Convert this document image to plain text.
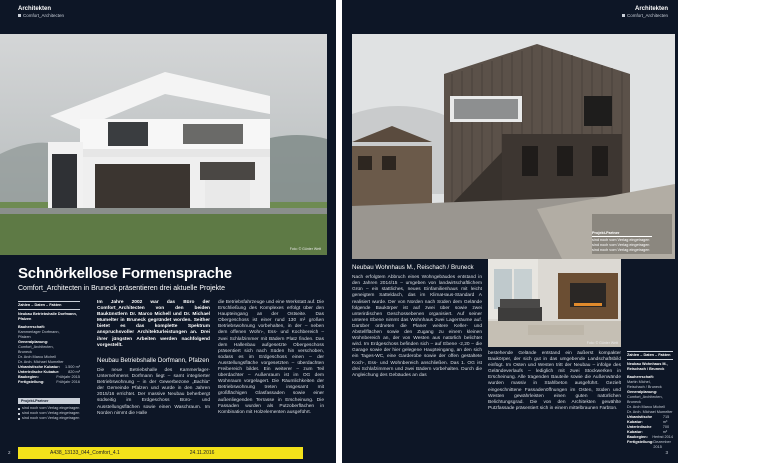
Architekten
Comfort_Architecten
Foto: © Günter Wett
Schnörkellose Formensprache
Comfort_Architecten in Bruneck präsentieren drei aktuelle Projekte
Zahlen – Daten – Fakten
Neubau Betriebshalle Dorfmann, Pfalzen
Bauherrschaft:
Kammerlager Dorfmann,
Pfalzen
Generalplanung:
Comfort_Architecten,
Bruneck
Dr. Arch Marco Michell
Dr. Arch. Michael Mumelter
Urbanistische Kubatur: 1.500 m³
Unterirdische Kubatur: 820 m³
Baubeginn:	Frühjahr 2015
Fertigstellung:	Frühjahr 2016
Projekt-Partner
sind noch vom Verlag eingetragen
sind noch vom Verlag eingetragen
sind noch vom Verlag eingetragen
Im Jahre 2002 war das Büro der Comfort_Architecten von den beiden Baukünstlern Dr. Marco Michell und Dr. Michael Mumelter in Bruneck gegründet worden. Seither bietet es das komplette Spektrum anspruchsvoller Architekturleistungen an. Drei ihrer jüngsten Arbeiten werden nachfolgend vorgestellt.
Neubau Betriebshalle Dorfmann, Pfalzen
Die neue Betriebshalle des Kammerlager-Unternehmens Dorfmann liegt – samt integrierter Betriebswohnung – in der Gewerbezone „Bachla" der Gemeinde Pfalzen und wurde in den Jahren 2015/16 errichtet. Der massive Neubau beherbergt südseitig im Erdgeschoss Büro- und Ausstellungsflächen sowie einen Waschraum. Im Norden nimmt die Halle
die Betriebsfahrzeuge und eine Werkstatt auf. Die Erschließung des Komplexes erfolgt über den Haupteingang an der Ostseite. Das Obergeschoss ist einer rund 130 m² großen Betriebswohnung vorbehalten, in der – neben dem offenen Wohn-, Ess- und Kochbereich – zwei Schlafzimmer mit Bädern Platz finden. Das dem Hallenbau aufgesetzte Obergeschoss präsentiert sich nach Süden hin verschoben, sodass es im Erdgeschoss einen – der Ausstellungsfläche vorgesetzten – überdachten Freibereich bildet. Ein weiterer – zum Teil überdachter – Außenraum ist im OG dem Wohnraum vorgelagert. Die Räumlichkeiten der Betriebswohnung treten insgesamt mit großflächigen Glasfassaden sowie einer außenliegenden Terrasse in Erscheinung. Die Fassaden wurden als Putzoberflächen in Kombination mit Holzelementen ausgeführt.
2	A438_13133_044_Comfort_4.1	24.11.2016
Architekten
Comfort_Architecten
Projekt-Partner
sind noch vom Verlag eingetragen
sind noch vom Verlag eingetragen
sind noch vom Verlag eingetragen
Neubau Wohnhaus M., Reischach / Bruneck
Nach erfolgtem Abbruch eines Wohngebäudes entstand in den Jahren 2014/15 – umgeben von landwirtschaftlichem Grün – ein stattliches, neues Einfamilienhaus mit leicht geneigtem Satteldach, das im KlimaHaus-Standard A realisiert wurde. Der von Norden nach Süden dem Gelände folgende Baukörper ist auf zwei über sowie zwei unterirdischen Geschossebenen organisiert. Auf seiner unteren Ebene nimmt das Wohnhaus zwei Lagerräume auf. Darüber ordneten die Planer weitere Keller- und Abstellflächen sowie den Zugang zu einem kleinen Wohnbereich an, der von Westen aus natürlich belichtet wird. Im Erdgeschoss befinden sich – auf Ebene -2,20 – die Garage sowie der hier gelegene Haupteingang, an den sich ein Tages-WC, eine Garderobe sowie der offen gestaltete Koch-, Ess- und Wohnbereich anschließen. Das 1. OG ist drei Schlafzimmern und zwei Bädern vorbehalten. Durch die Angleichung des Gebäudes an das
Foto: © Günter Wett
bestehende Gelände entstand ein äußerst kompakter Baukörper, der sich gut in das umgebende Landschaftsbild einfügt. Im Osten und Westen tritt der Neubau – infolge des Geländeverlaufs – lediglich mit zwei Stockwerken in Erscheinung. Alle tragenden Bauteile sowie die Außenwände wurden massiv in Stahlbeton ausgeführt. Gezielt eingeschnittene Fassadenöffnungen im Osten, Süden und Westen gewährleisten einen guten natürlichen Belichtungsgrad. Die von den Architekten gewählte Putzfassade präsentiert sich in einem mittelbraunen Farbton.
Zahlen – Daten – Fakten
Neubau Wohnhaus M., Reischach / Bruneck
Bauherrschaft:
Martin Michel,
Reischach / Bruneck
Generalplanung:
Comfort_Architecten,
Bruneck
Dr. Arch Marco Michell
Dr. Arch. Michael Mumelter
Urbanistische Kubatur:
715 m³
Unterirdische Kubatur:
700 m³
Baubeginn: Herbst 2014
Fertigstellung: Dezember 2015
3
